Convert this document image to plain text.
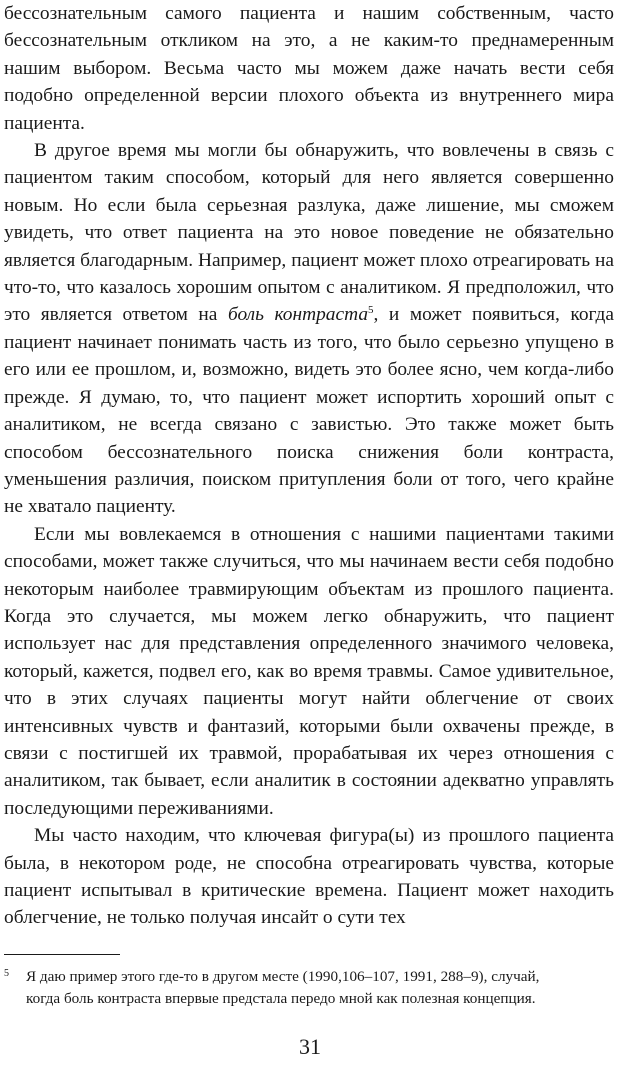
бессознательным самого пациента и нашим собственным, часто бессознательным откликом на это, а не каким-то преднамеренным нашим выбором. Весьма часто мы можем даже начать вести себя подобно определенной версии плохого объекта из внутреннего мира пациента.

В другое время мы могли бы обнаружить, что вовлечены в связь с пациентом таким способом, который для него является совершенно новым. Но если была серьезная разлука, даже лишение, мы сможем увидеть, что ответ пациента на это новое поведение не обязательно является благодарным. Например, пациент может плохо отреагировать на что-то, что казалось хорошим опытом с аналитиком. Я предположил, что это является ответом на боль контраста$^5$, и может появиться, когда пациент начинает понимать часть из того, что было серьезно упущено в его или ее прошлом, и, возможно, видеть это более ясно, чем когда-либо прежде. Я думаю, то, что пациент может испортить хороший опыт с аналитиком, не всегда связано с завистью. Это также может быть способом бессознательного поиска снижения боли контраста, уменьшения различия, поиском притупления боли от того, чего крайне не хватало пациенту.

Если мы вовлекаемся в отношения с нашими пациентами такими способами, может также случиться, что мы начинаем вести себя подобно некоторым наиболее травмирующим объектам из прошлого пациента. Когда это случается, мы можем легко обнаружить, что пациент использует нас для представления определенного значимого человека, который, кажется, подвел его, как во время травмы. Самое удивительное, что в этих случаях пациенты могут найти облегчение от своих интенсивных чувств и фантазий, которыми были охвачены прежде, в связи с постигшей их травмой, прорабатывая их через отношения с аналитиком, так бывает, если аналитик в состоянии адекватно управлять последующими переживаниями.

Мы часто находим, что ключевая фигура(ы) из прошлого пациента была, в некотором роде, не способна отреагировать чувства, которые пациент испытывал в критические времена. Пациент может находить облегчение, не только получая инсайт о сути тех

5 Я даю пример этого где-то в другом месте (1990,106–107, 1991, 288–9), случай,
когда боль контраста впервые предстала передо мной как полезная концепция.
31
